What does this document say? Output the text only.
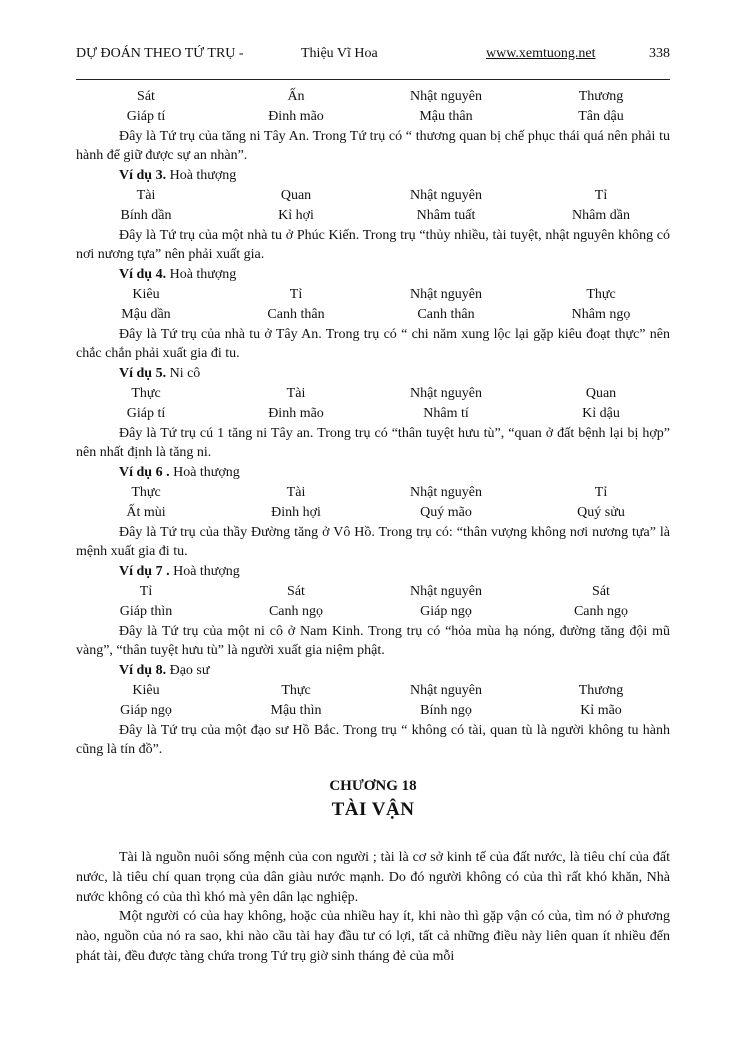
DỰ ĐOÁN THEO TỨ TRỤ -	Thiệu Vĩ Hoa	www.xemtuong.net	338
Sát	Ấn	Nhật nguyên	Thương
Giáp tí	Đinh mão	Mậu thân	Tân dậu

Đây là Tứ trụ của tăng ni Tây An. Trong Tứ trụ có “ thương quan bị chế phục thái quá nên phải tu hành để giữ được sự an nhàn”.

Ví dụ 3. Hoà thượng
Tài	Quan	Nhật nguyên	Tỉ
Bính dần	Kỉ hợi	Nhâm tuất	Nhâm dần

Đây là Tứ trụ của một nhà tu ở Phúc Kiến. Trong trụ “thủy nhiều, tài tuyệt, nhật nguyên không có nơi nương tựa” nên phải xuất gia.

Ví dụ 4. Hoà thượng
Kiêu	Tỉ	Nhật nguyên	Thực
Mậu dần	Canh thân	Canh thân	Nhâm ngọ

Đây là Tứ trụ của nhà tu ở Tây An. Trong trụ có “ chi năm xung lộc lại gặp kiêu đoạt thực” nên chắc chắn phải xuất gia đi tu.

Ví dụ 5. Ni cô
Thực	Tài	Nhật nguyên	Quan
Giáp tí	Đinh mão	Nhâm tí	Kỉ dậu

Đây là Tứ trụ cú 1 tăng ni Tây an. Trong trụ có “thân tuyệt hưu tù”, “quan ở đất bệnh lại bị hợp” nên nhất định là tăng ni.

Ví dụ 6 . Hoà thượng
Thực	Tài	Nhật nguyên	Tỉ
Ất mùi	Đinh hợi	Quý mão	Quý sửu

Đây là Tứ trụ của thầy Đường tăng ở Vô Hồ. Trong trụ có: “thân vượng không nơi nương tựa” là mệnh xuất gia đi tu.

Ví dụ 7 . Hoà thượng
Tỉ	Sát	Nhật nguyên	Sát
Giáp thìn	Canh ngọ	Giáp ngọ	Canh ngọ

Đây là Tứ trụ của một ni cô ở Nam Kinh. Trong trụ có “hỏa mùa hạ nóng, đường tăng đội mũ vàng”, “thân tuyệt hưu tù” là người xuất gia niệm phật.

Ví dụ 8. Đạo sư
Kiêu	Thực	Nhật nguyên	Thương
Giáp ngọ	Mậu thìn	Bính ngọ	Kỉ mão

Đây là Tứ trụ của một đạo sư Hồ Bắc. Trong trụ “ không có tài, quan tù là người không tu hành cũng là tín đồ”.

CHƯƠNG 18
TÀI VẬN

Tài là nguồn nuôi sống mệnh của con người ; tài là cơ sở kinh tế của đất nước, là tiêu chí của đất nước, là tiêu chí quan trọng của dân giàu nước mạnh. Do đó người không có của thì rất khó khăn, Nhà nước không có của thì khó mà yên dân lạc nghiệp.

Một người có của hay không, hoặc của nhiều hay ít, khi nào thì gặp vận có của, tìm nó ở phương nào, nguồn của nó ra sao, khi nào cầu tài hay đầu tư có lợi, tất cả những điều này liên quan ít nhiều đến phát tài, đều được tàng chứa trong Tứ trụ giờ sinh tháng đẻ của mỗi
